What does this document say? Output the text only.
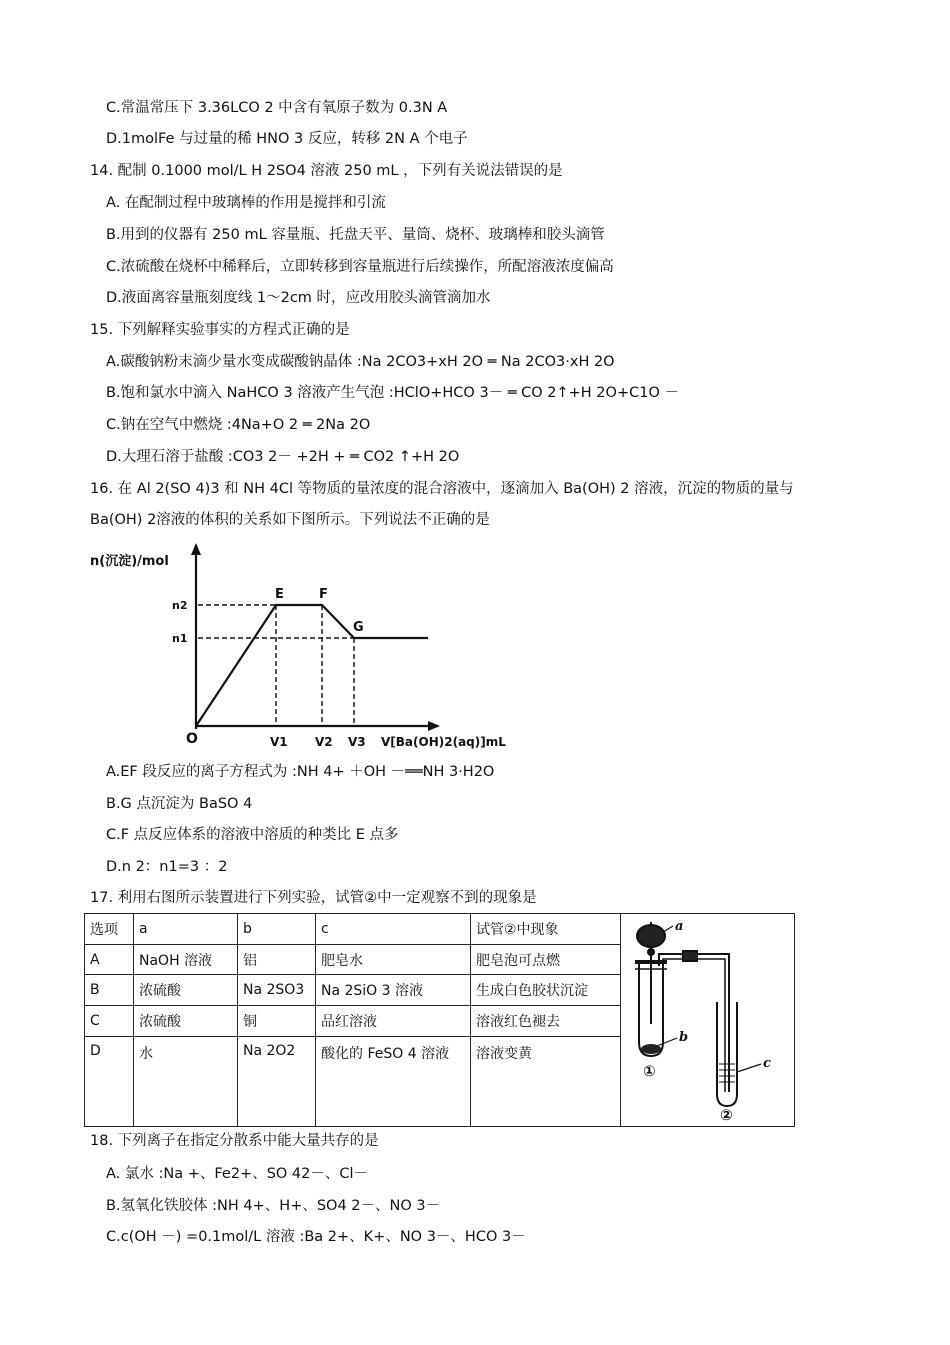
C.常温常压下 3.36LCO 2 中含有氧原子数为 0.3N A
D.1molFe 与过量的稀 HNO 3 反应，转移 2N A 个电子
14. 配制 0.1000 mol/L H 2SO4 溶液 250 mL ，下列有关说法错误的是
A. 在配制过程中玻璃棒的作用是搅拌和引流
B.用到的仪器有 250 mL 容量瓶、托盘天平、量筒、烧杯、玻璃棒和胶头滴管
C.浓硫酸在烧杯中稀释后，立即转移到容量瓶进行后续操作，所配溶液浓度偏高
D.液面离容量瓶刻度线 1～2cm 时，应改用胶头滴管滴加水
15. 下列解释实验事实的方程式正确的是
A.碳酸钠粉末滴少量水变成碳酸钠晶体 :Na 2CO3+xH 2O ═ Na 2CO3·xH 2O
B.饱和氯水中滴入 NaHCO 3 溶液产生气泡 :HClO+HCO 3－ ═ CO 2↑+H 2O+C1O －
C.钠在空气中燃烧 :4Na+O 2 ═ 2Na 2O
D.大理石溶于盐酸 :CO3 2－ +2H + ═ CO2 ↑+H 2O
16. 在 Al 2(SO 4)3 和 NH 4Cl 等物质的量浓度的混合溶液中，逐滴加入 Ba(OH) 2 溶液，沉淀的物质的量与
Ba(OH) 2溶液的体积的关系如下图所示。下列说法不正确的是
n(沉淀)/mol
n2
n1
O
E	F
G
V1 V2 V3 V[Ba(OH)2(aq)]mL
A.EF 段反应的离子方程式为 :NH 4+ ＋OH －══NH 3·H2O
B.G 点沉淀为 BaSO 4
C.F 点反应体系的溶液中溶质的种类比 E 点多
D.n 2：n1=3 ：2
17. 利用右图所示装置进行下列实验，试管②中一定观察不到的现象是
选项	a	b	c	试管②中现象	a
b
c
①
②

A	NaOH 溶液	铝	肥皂水	肥皂泡可点燃	
B	浓硫酸	Na 2SO3	Na 2SiO 3 溶液	生成白色胶状沉淀	
C	浓硫酸	铜	品红溶液	溶液红色褪去	
D	水	Na 2O2	酸化的 FeSO 4 溶液	溶液变黄	
18. 下列离子在指定分散系中能大量共存的是
A. 氯水 :Na +、Fe2+、SO 42－、Cl－
B.氢氧化铁胶体 :NH 4+、H+、SO4 2－、NO 3－
C.c(OH －) =0.1mol/L 溶液 :Ba 2+、K+、NO 3－、HCO 3－
